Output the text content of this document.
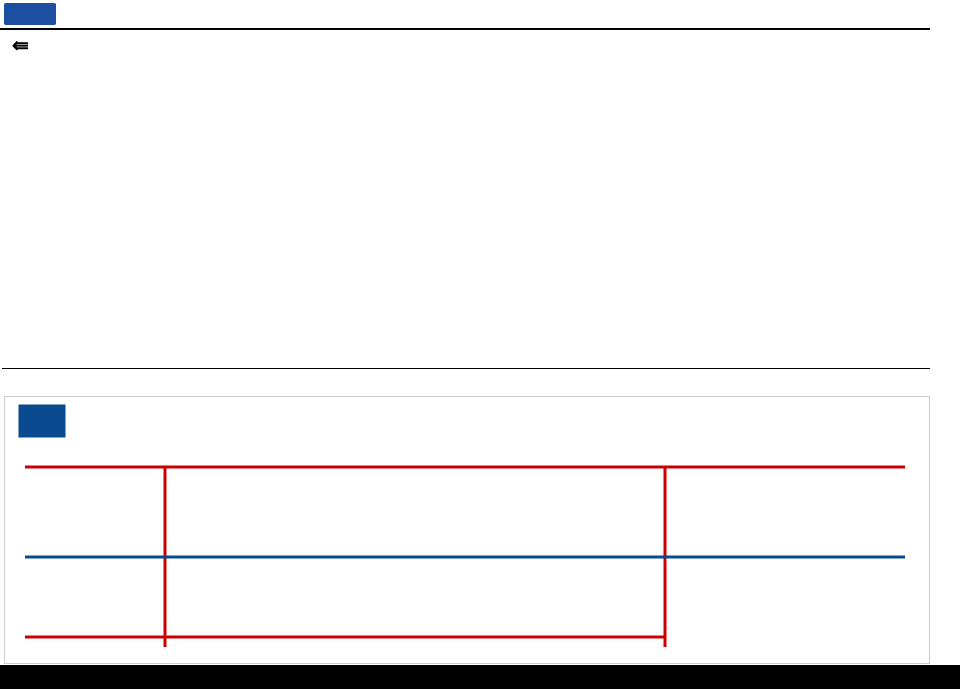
⇚
